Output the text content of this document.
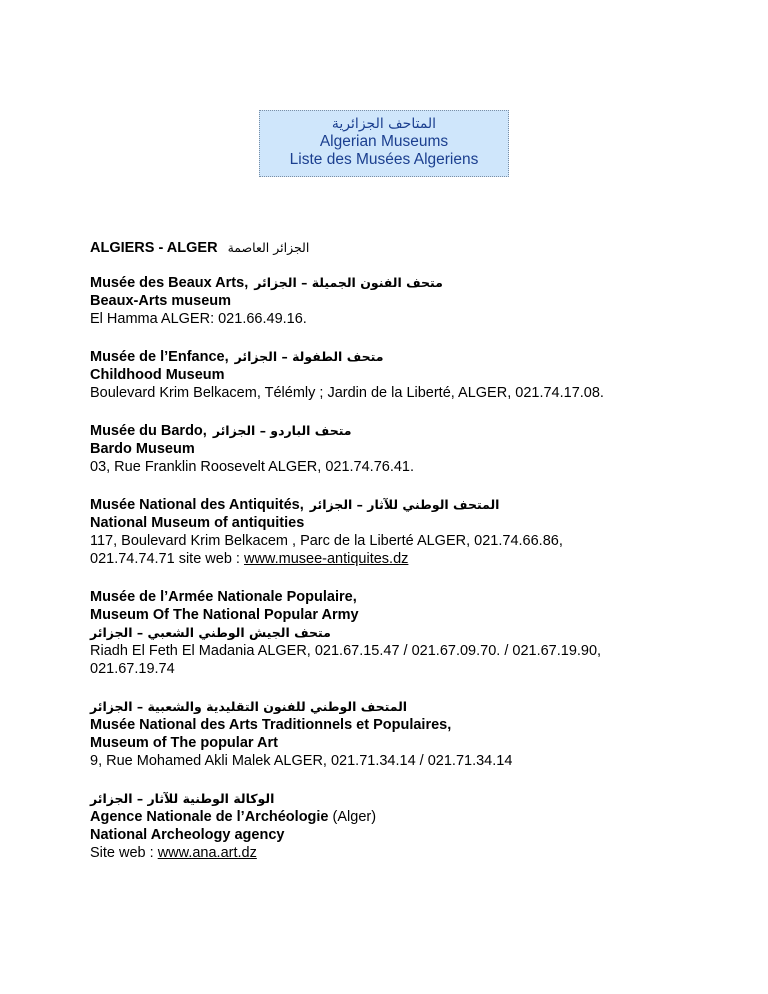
المتاحف الجزائرية
Algerian Museums
Liste des Musées Algeriens
ALGIERS - ALGER الجزائر العاصمة
Musée des Beaux Arts, متحف الفنون الجميلة – الجزائر
Beaux-Arts museum
El Hamma ALGER: 021.66.49.16.
Musée de l’Enfance, متحف الطفولة – الجزائر
Childhood Museum
Boulevard Krim Belkacem, Télémly ; Jardin de la Liberté, ALGER, 021.74.17.08.
Musée du Bardo, متحف الباردو – الجزائر
Bardo Museum
03, Rue Franklin Roosevelt ALGER, 021.74.76.41.
Musée National des Antiquités, المتحف الوطني للآثار – الجزائر
National Museum of antiquities
117, Boulevard Krim Belkacem , Parc de la Liberté ALGER, 021.74.66.86,
021.74.74.71 site web : www.musee-antiquites.dz
Musée de l’Armée Nationale Populaire,
Museum Of The National Popular Army
متحف الجيش الوطني الشعبي – الجزائر
Riadh El Feth El Madania ALGER, 021.67.15.47 / 021.67.09.70. / 021.67.19.90,
021.67.19.74
المتحف الوطني للفنون التقليدية والشعبية – الجزائر
Musée National des Arts Traditionnels et Populaires,
Museum of The popular Art
9, Rue Mohamed Akli Malek ALGER, 021.71.34.14 / 021.71.34.14
الوكالة الوطنية للآثار – الجزائر
Agence Nationale de l’Archéologie (Alger)
National Archeology agency
Site web : www.ana.art.dz
